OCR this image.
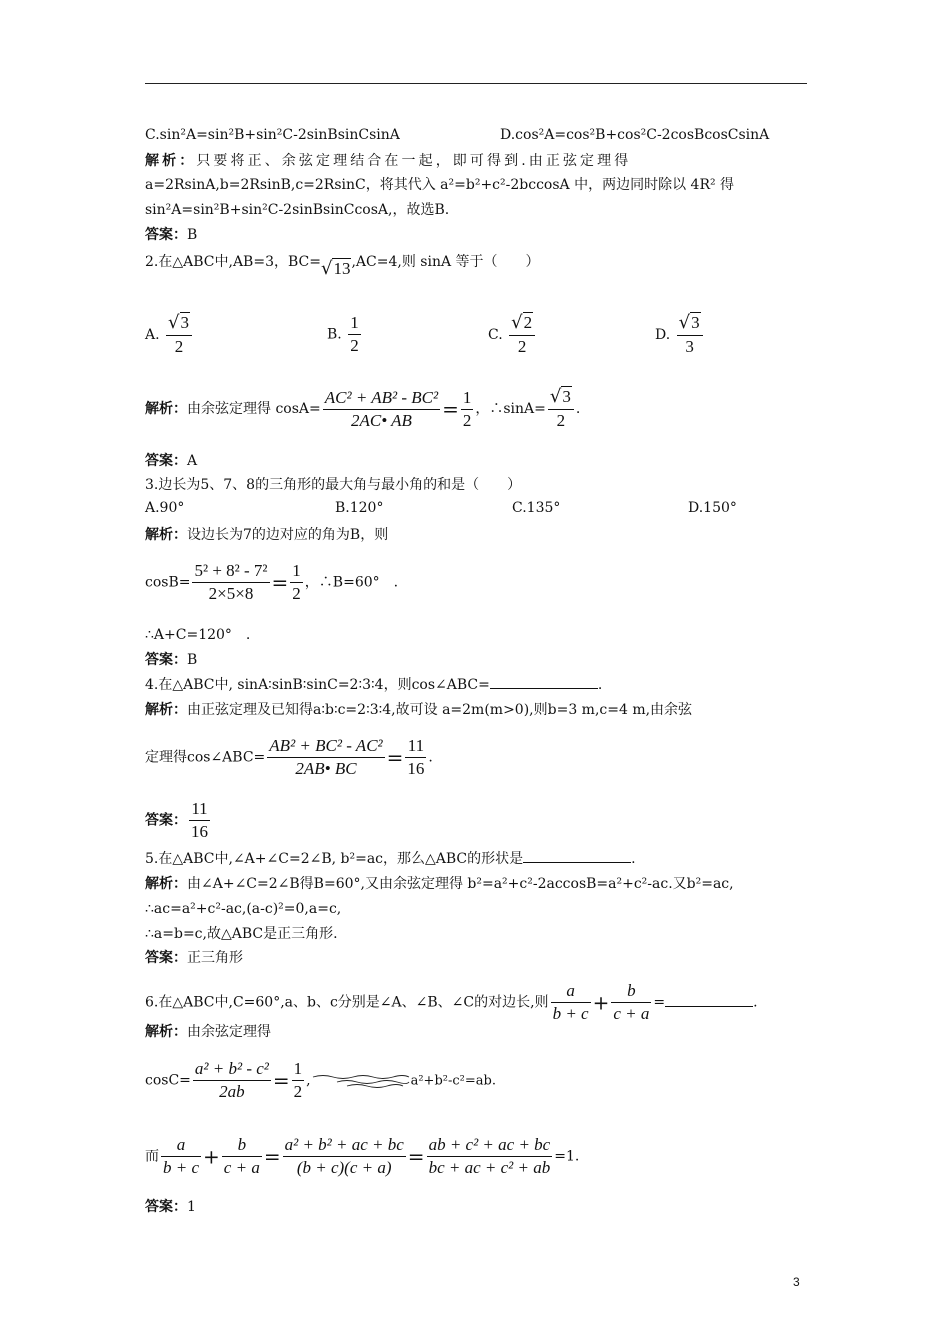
C.sin²A=sin²B+sin²C-2sinBsinCsinA	D.cos²A=cos²B+cos²C-2cosBcosCsinA
解析：只要将正、余弦定理结合在一起，即可得到.由正弦定理得
a=2RsinA,b=2RsinB,c=2RsinC，将其代入 a²=b²+c²-2bccosA 中，两边同时除以 4R² 得
sin²A=sin²B+sin²C-2sinBsinCcosA,，故选B.
答案：B
2.在△ABC中,AB=3，BC=√13,AC=4,则 sinA 等于（　　）
A. $\frac{√3}{2}$	B. $\frac{1}{2}$	C. $\frac{√2}{2}$	D. $\frac{√3}{3}$
解析：由余弦定理得 $\cos A= \frac{\text{AC² + AB² - BC²}}{2AC• AB} = \frac{1}{2}$ ，∴sinA= $\frac{√3}{2}$ .
答案：A
3.边长为5、7、8的三角形的最大角与最小角的和是（　　）
A.90°	B.120°	C.135°	D.150°
解析：设边长为7的边对应的角为B，则
$\cos B= \frac{\text{5² + 8² - 7²}}{2\times 5\times 8} = \frac{1}{2}$ ，∴B=60°　.
∴A+C=120°　.
答案：B
4.在△ABC中, sinA∶sinB∶sinC=2∶3∶4，则cos∠ABC=	.
解析：由正弦定理及已知得a∶b∶c=2∶3∶4,故可设 a=2m(m>0),则b=3 m,c=4 m,由余弦
定理得cos∠ABC= $\frac{\text{AB² + BC² - AC²}}{2AB• BC} = \frac{11}{16}$ .
答案： $\frac{11}{16}$
5.在△ABC中,∠A+∠C=2∠B, b²=ac，那么△ABC的形状是	.
解析：由∠A+∠C=2∠B得B=60°,又由余弦定理得 b²=a²+c²-2accosB=a²+c²-ac.又b²=ac,
∴ac=a²+c²-ac,(a-c)²=0,a=c,
∴a=b=c,故△ABC是正三角形.
答案：正三角形
6.在△ABC中,C=60°,a、b、c分别是∠A、∠B、∠C的对边长,则 $\frac{a}{b + c} + \frac{b}{c + a}$ =	.
解析：由余弦定理得
$\cos C= \frac{\text{a² + b² - c²}}{2ab} = \frac{1}{2}$ ,	a²+b²-c²=ab.
而 $\frac{a}{b + c} + \frac{b}{c + a} = \frac{\text{a² + b² + ac + bc}}{(b + c)(c + a)} = \frac{\text{ab + c² + ac + bc}}{\text{bc + ac + c² + ab}} =1$.
答案：1
3
